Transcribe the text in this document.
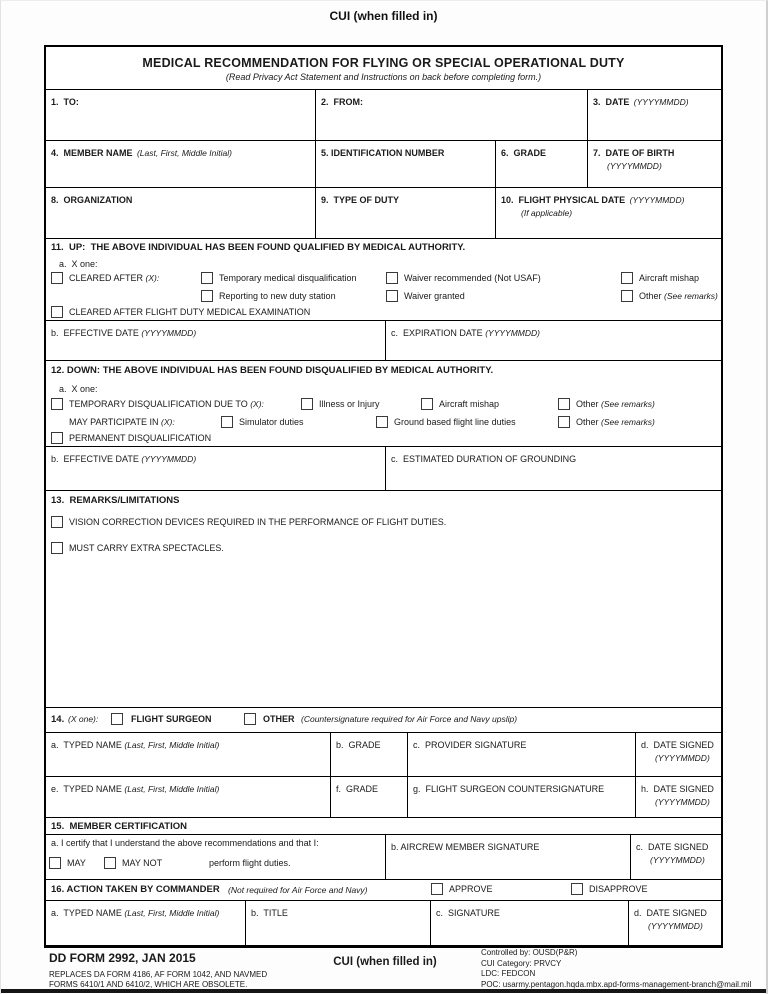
CUI (when filled in)
MEDICAL RECOMMENDATION FOR FLYING OR SPECIAL OPERATIONAL DUTY
(Read Privacy Act Statement and Instructions on back before completing form.)
1.  TO:	2.  FROM:	3.  DATE (YYYYMMDD)
4.  MEMBER NAME (Last, First, Middle Initial)	5. IDENTIFICATION NUMBER	6.  GRADE	7.  DATE OF BIRTH
(YYYYMMDD)
8.  ORGANIZATION	9.  TYPE OF DUTY	10.  FLIGHT PHYSICAL DATE (YYYYMMDD)
(If applicable)
11.  UP:  THE ABOVE INDIVIDUAL HAS BEEN FOUND QUALIFIED BY MEDICAL AUTHORITY.
a.  X one:
CLEARED AFTER (X):	Temporary medical disqualification	Waiver recommended (Not USAF)	Aircraft mishap
Reporting to new duty station	Waiver granted	Other (See remarks)
CLEARED AFTER FLIGHT DUTY MEDICAL EXAMINATION
b.  EFFECTIVE DATE (YYYYMMDD)	c.  EXPIRATION DATE (YYYYMMDD)
12. DOWN: THE ABOVE INDIVIDUAL HAS BEEN FOUND DISQUALIFIED BY MEDICAL AUTHORITY.
a.  X one:
TEMPORARY DISQUALIFICATION DUE TO (X):	Illness or Injury	Aircraft mishap	Other (See remarks)
MAY PARTICIPATE IN (X):	Simulator duties	Ground based flight line duties	Other (See remarks)
PERMANENT DISQUALIFICATION
b.  EFFECTIVE DATE (YYYYMMDD)	c.  ESTIMATED DURATION OF GROUNDING
13.  REMARKS/LIMITATIONS
VISION CORRECTION DEVICES REQUIRED IN THE PERFORMANCE OF FLIGHT DUTIES.
MUST CARRY EXTRA SPECTACLES.
14. (X one):	FLIGHT SURGEON	OTHER (Countersignature required for Air Force and Navy upslip)
a.  TYPED NAME (Last, First, Middle Initial)	b.  GRADE	c.  PROVIDER SIGNATURE	d.  DATE SIGNED
(YYYYMMDD)
e.  TYPED NAME (Last, First, Middle Initial)	f.  GRADE	g.  FLIGHT SURGEON COUNTERSIGNATURE	h.  DATE SIGNED
(YYYYMMDD)
15.  MEMBER CERTIFICATION
a. I certify that I understand the above recommendations and that I:
MAY	MAY NOT	perform flight duties.
b. AIRCREW MEMBER SIGNATURE	c.  DATE SIGNED
(YYYYMMDD)
16. ACTION TAKEN BY COMMANDER (Not required for Air Force and Navy)	APPROVE	DISAPPROVE
a.  TYPED NAME (Last, First, Middle Initial)	b.  TITLE	c.  SIGNATURE	d.  DATE SIGNED
(YYYYMMDD)
DD FORM 2992, JAN 2015	CUI (when filled in)
REPLACES DA FORM 4186, AF FORM 1042, AND NAVMED
FORMS 6410/1 AND 6410/2, WHICH ARE OBSOLETE.
Controlled by: OUSD(P&R)
CUI Category: PRVCY
LDC: FEDCON
POC: usarmy.pentagon.hqda.mbx.apd-forms-management-branch@mail.mil
